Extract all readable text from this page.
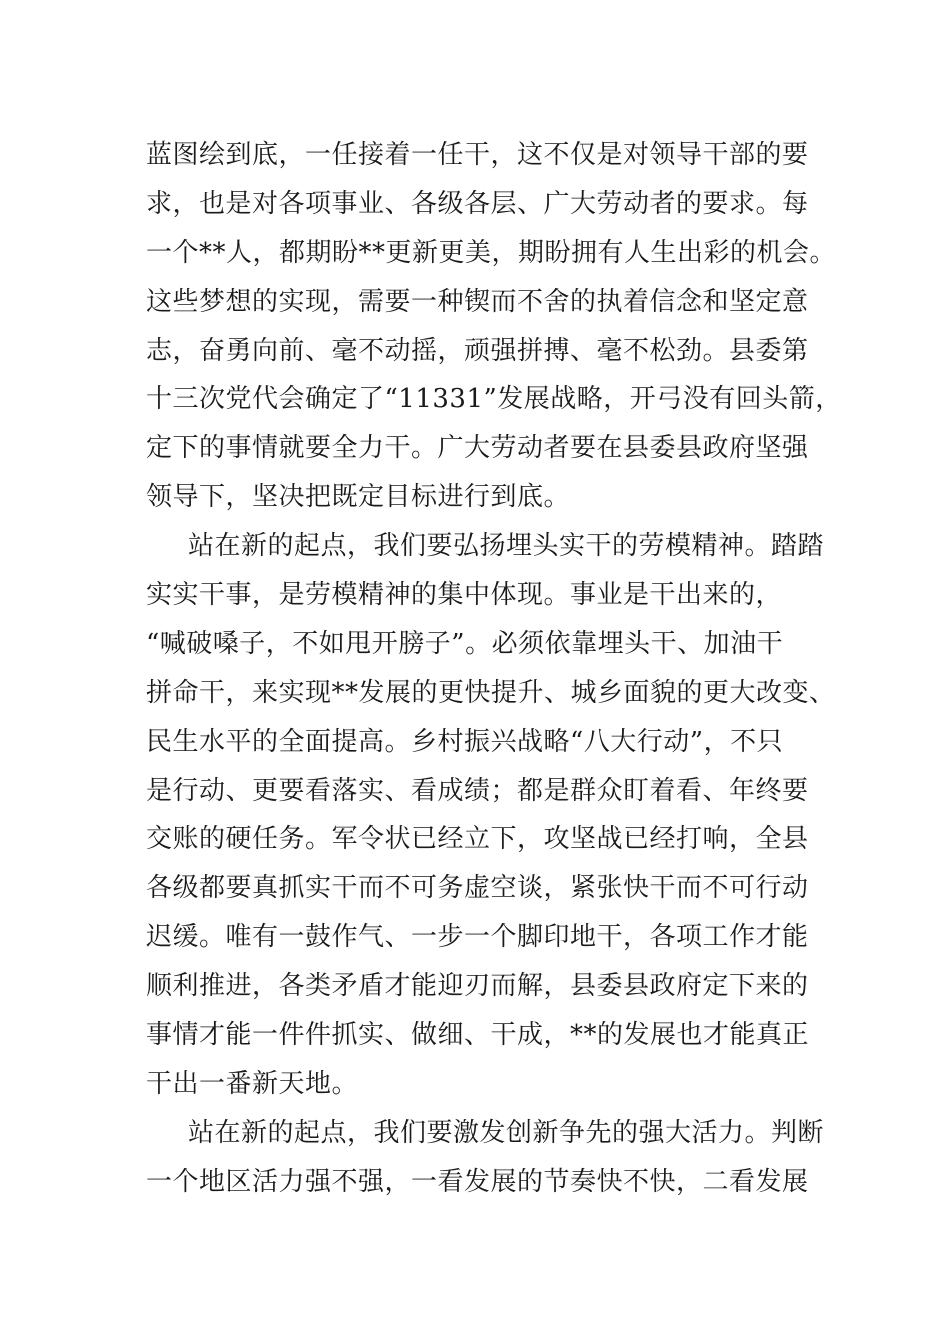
蓝图绘到底，一任接着一任干，这不仅是对领导干部的要
求，也是对各项事业、各级各层、广大劳动者的要求。每
一个**人，都期盼**更新更美，期盼拥有人生出彩的机会。
这些梦想的实现，需要一种锲而不舍的执着信念和坚定意
志，奋勇向前、毫不动摇，顽强拼搏、毫不松劲。县委第
十三次党代会确定了“11331”发展战略，开弓没有回头箭，
定下的事情就要全力干。广大劳动者要在县委县政府坚强
领导下，坚决把既定目标进行到底。
站在新的起点，我们要弘扬埋头实干的劳模精神。踏踏
实实干事，是劳模精神的集中体现。事业是干出来的，
“喊破嗓子，不如甩开膀子”。必须依靠埋头干、加油干
拼命干，来实现**发展的更快提升、城乡面貌的更大改变、
民生水平的全面提高。乡村振兴战略“八大行动”，不只
是行动、更要看落实、看成绩；都是群众盯着看、年终要
交账的硬任务。军令状已经立下，攻坚战已经打响，全县
各级都要真抓实干而不可务虚空谈，紧张快干而不可行动
迟缓。唯有一鼓作气、一步一个脚印地干，各项工作才能
顺利推进，各类矛盾才能迎刃而解，县委县政府定下来的
事情才能一件件抓实、做细、干成，**的发展也才能真正
干出一番新天地。
站在新的起点，我们要激发创新争先的强大活力。判断
一个地区活力强不强，一看发展的节奏快不快，二看发展
